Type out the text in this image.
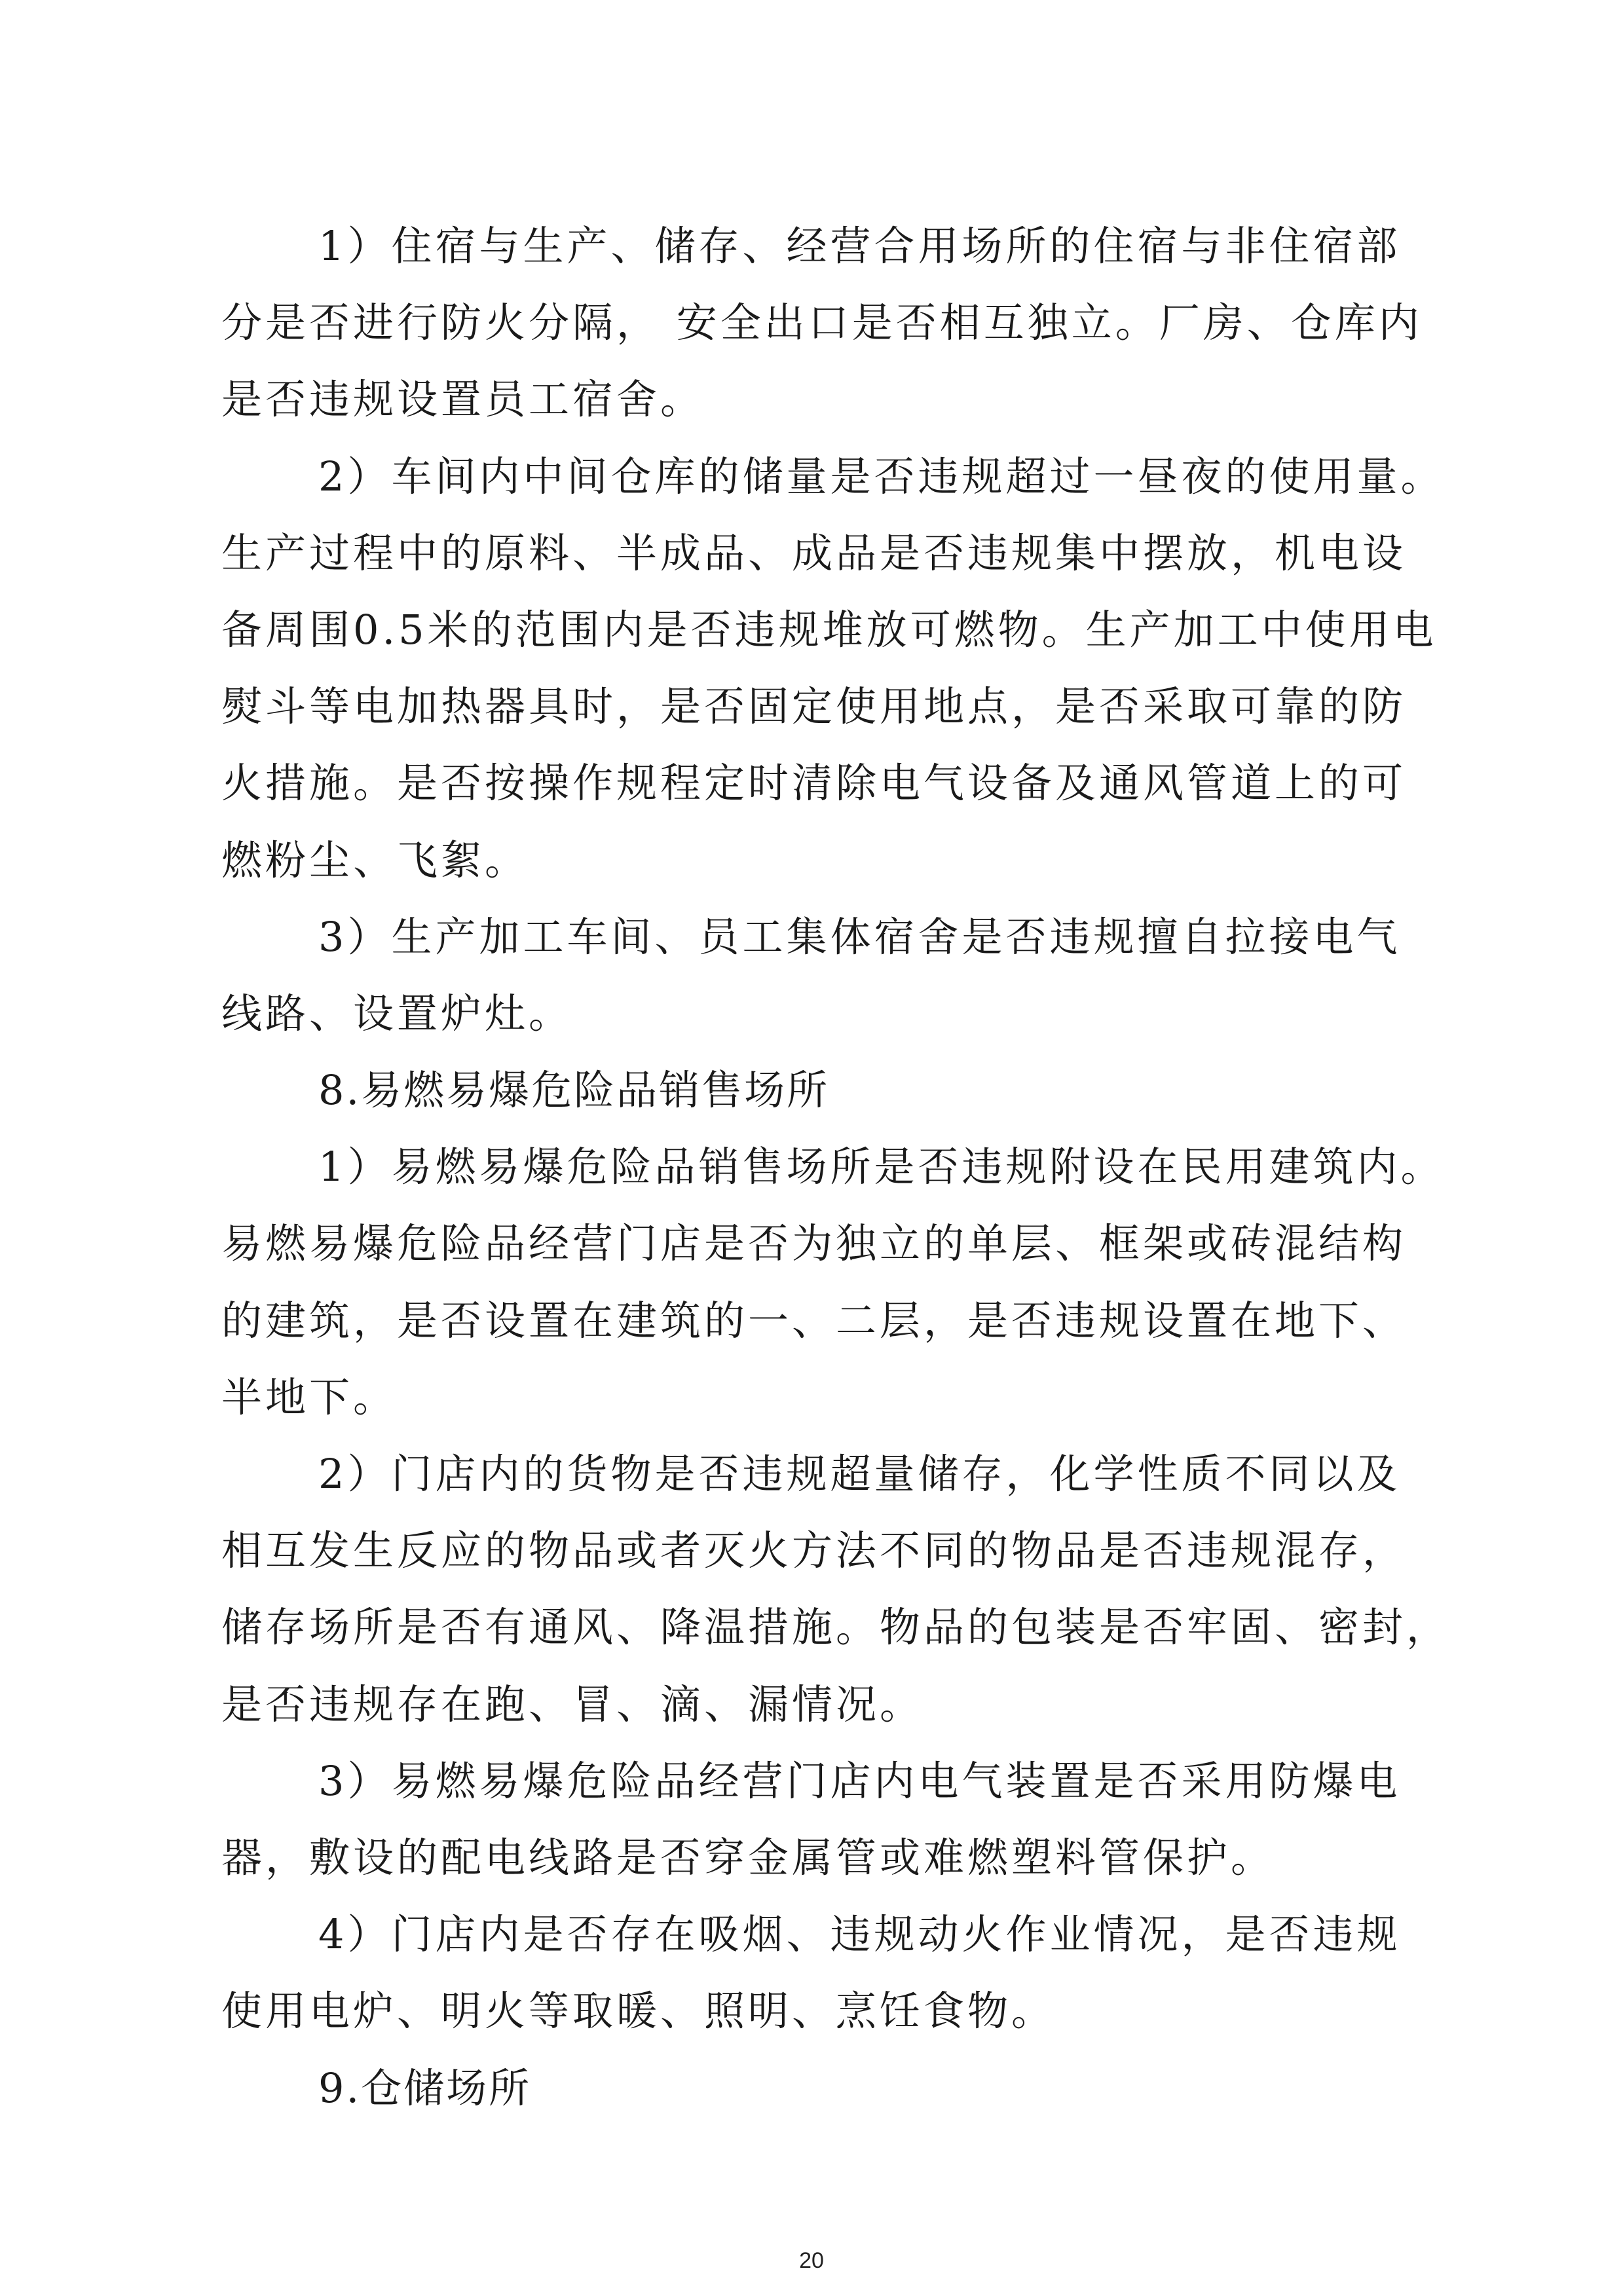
1）住宿与生产、储存、经营合用场所的住宿与非住宿部
分是否进行防火分隔， 安全出口是否相互独立。厂房、仓库内
是否违规设置员工宿舍。
2）车间内中间仓库的储量是否违规超过一昼夜的使用量。
生产过程中的原料、半成品、成品是否违规集中摆放，机电设
备周围0.5米的范围内是否违规堆放可燃物。生产加工中使用电
熨斗等电加热器具时，是否固定使用地点，是否采取可靠的防
火措施。是否按操作规程定时清除电气设备及通风管道上的可
燃粉尘、飞絮。
3）生产加工车间、员工集体宿舍是否违规擅自拉接电气
线路、设置炉灶。
8.易燃易爆危险品销售场所
1）易燃易爆危险品销售场所是否违规附设在民用建筑内。
易燃易爆危险品经营门店是否为独立的单层、框架或砖混结构
的建筑，是否设置在建筑的一、二层，是否违规设置在地下、
半地下。
2）门店内的货物是否违规超量储存，化学性质不同以及
相互发生反应的物品或者灭火方法不同的物品是否违规混存，
储存场所是否有通风、降温措施。物品的包装是否牢固、密封，
是否违规存在跑、冒、滴、漏情况。
3）易燃易爆危险品经营门店内电气装置是否采用防爆电
器，敷设的配电线路是否穿金属管或难燃塑料管保护。
4）门店内是否存在吸烟、违规动火作业情况，是否违规
使用电炉、明火等取暖、照明、烹饪食物。
9.仓储场所
20
